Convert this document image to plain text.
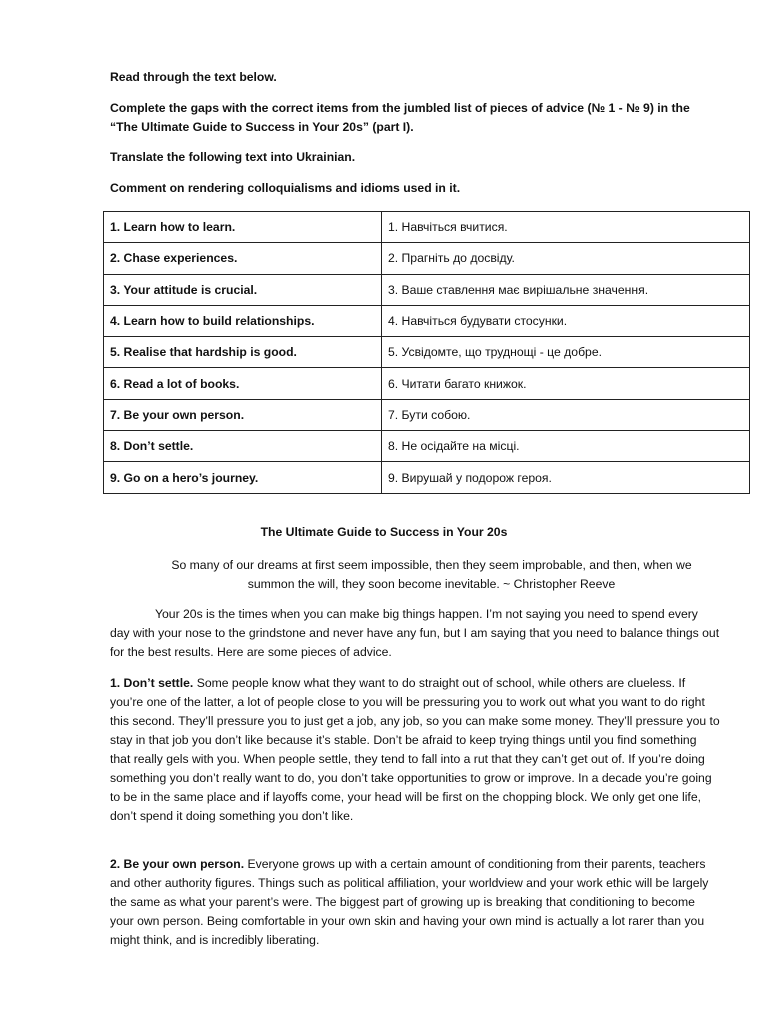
Read through the text below.

Complete the gaps with the correct items from the jumbled list of pieces of advice (№ 1 - № 9) in the “The Ultimate Guide to Success in Your 20s” (part I).

Translate the following text into Ukrainian.

Comment on rendering colloquialisms and idioms used in it.

1. Learn how to learn.	1. Навчіться вчитися.
2. Chase experiences.	2. Прагніть до досвіду.
3. Your attitude is crucial.	3. Ваше ставлення має вирішальне значення.
4. Learn how to build relationships.	4. Навчіться будувати стосунки.
5. Realise that hardship is good.	5. Усвідомте, що труднощі - це добре.
6. Read a lot of books.	6. Читати багато книжок.
7. Be your own person.	7. Бути собою.
8. Don’t settle.	8. Не осідайте на місці.
9. Go on a hero’s journey.	9. Вирушай у подорож героя.

The Ultimate Guide to Success in Your 20s

So many of our dreams at first seem impossible, then they seem improbable, and then, when we summon the will, they soon become inevitable. ~ Christopher Reeve

Your 20s is the times when you can make big things happen. I’m not saying you need to spend every day with your nose to the grindstone and never have any fun, but I am saying that you need to balance things out for the best results. Here are some pieces of advice.

1. Don’t settle. Some people know what they want to do straight out of school, while others are clueless. If you’re one of the latter, a lot of people close to you will be pressuring you to work out what you want to do right this second. They’ll pressure you to just get a job, any job, so you can make some money. They’ll pressure you to stay in that job you don’t like because it’s stable. Don’t be afraid to keep trying things until you find something that really gels with you. When people settle, they tend to fall into a rut that they can’t get out of. If you’re doing something you don’t really want to do, you don’t take opportunities to grow or improve. In a decade you’re going to be in the same place and if layoffs come, your head will be first on the chopping block. We only get one life, don’t spend it doing something you don’t like.

2. Be your own person. Everyone grows up with a certain amount of conditioning from their parents, teachers and other authority figures. Things such as political affiliation, your worldview and your work ethic will be largely the same as what your parent’s were. The biggest part of growing up is breaking that conditioning to become your own person. Being comfortable in your own skin and having your own mind is actually a lot rarer than you might think, and is incredibly liberating.
